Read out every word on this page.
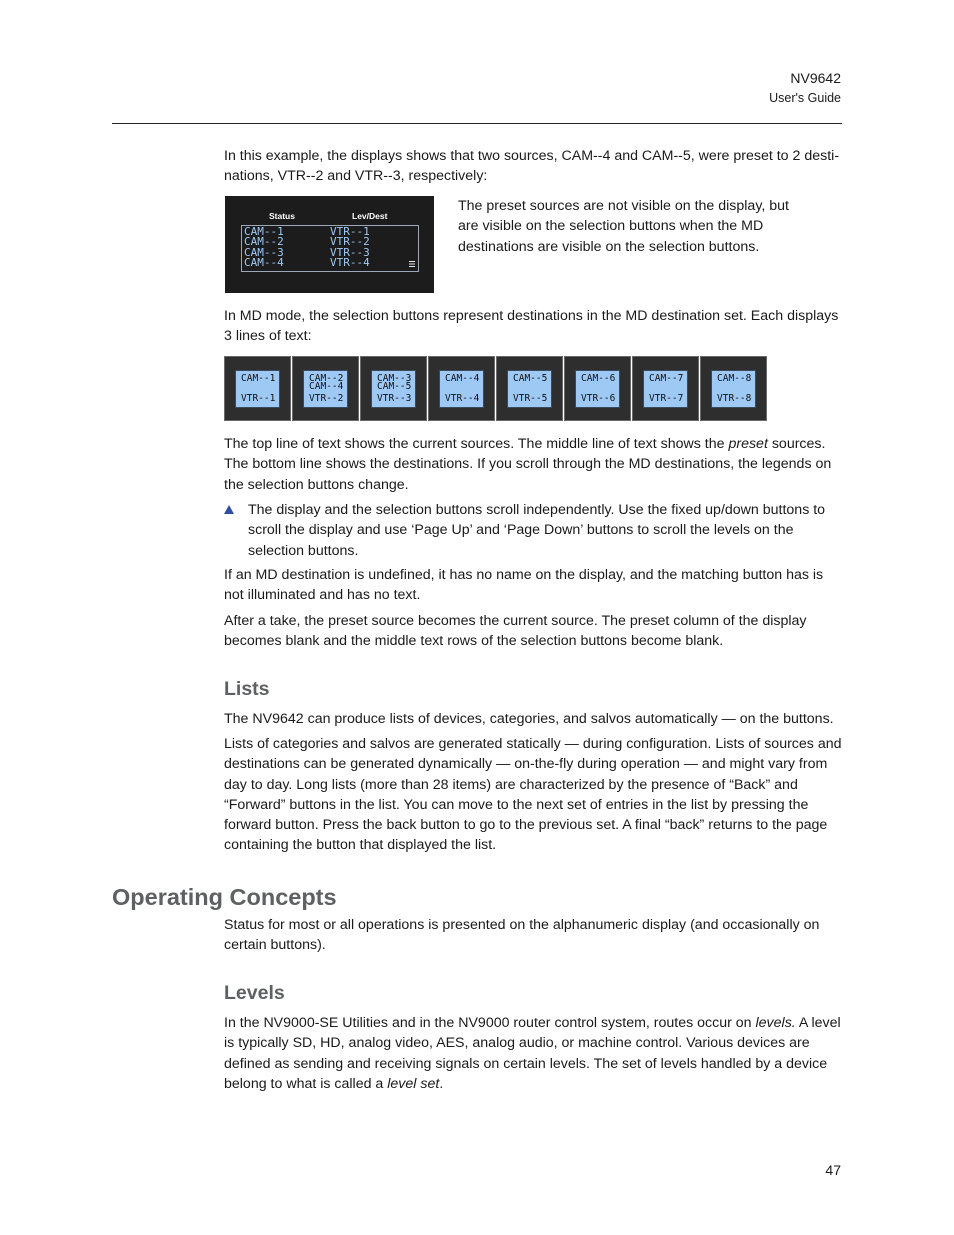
NV9642
User's Guide

In this example, the displays shows that two sources, CAM--4 and CAM--5, were preset to 2 desti-nations, VTR--2 and VTR--3, respectively:

Status	Lev/Dest
CAM--1
CAM--2
CAM--3
CAM--4
VTR--1
VTR--2
VTR--3
VTR--4

The preset sources are not visible on the display, but are visible on the selection buttons when the MD destinations are visible on the selection buttons.

In MD mode, the selection buttons represent destinations in the MD destination set. Each displays 3 lines of text:

CAM--1
VTR--1
CAM--2
CAM--4
VTR--2
CAM--3
CAM--5
VTR--3
CAM--4
VTR--4
CAM--5
VTR--5
CAM--6
VTR--6
CAM--7
VTR--7
CAM--8
VTR--8

The top line of text shows the current sources. The middle line of text shows the preset sources. The bottom line shows the destinations. If you scroll through the MD destinations, the legends on the selection buttons change.

The display and the selection buttons scroll independently. Use the fixed up/down buttons to scroll the display and use ‘Page Up’ and ‘Page Down’ buttons to scroll the levels on the selection buttons.

If an MD destination is undefined, it has no name on the display, and the matching button has is not illuminated and has no text.

After a take, the preset source becomes the current source. The preset column of the display becomes blank and the middle text rows of the selection buttons become blank.

Lists

The NV9642 can produce lists of devices, categories, and salvos automatically — on the buttons.

Lists of categories and salvos are generated statically — during configuration. Lists of sources and destinations can be generated dynamically — on-the-fly during operation — and might vary from day to day. Long lists (more than 28 items) are characterized by the presence of “Back” and “Forward” buttons in the list. You can move to the next set of entries in the list by pressing the forward button. Press the back button to go to the previous set. A final “back” returns to the page containing the button that displayed the list.

Operating Concepts

Status for most or all operations is presented on the alphanumeric display (and occasionally on certain buttons).

Levels

In the NV9000-SE Utilities and in the NV9000 router control system, routes occur on levels. A level is typically SD, HD, analog video, AES, analog audio, or machine control. Various devices are defined as sending and receiving signals on certain levels. The set of levels handled by a device belong to what is called a level set.

47
